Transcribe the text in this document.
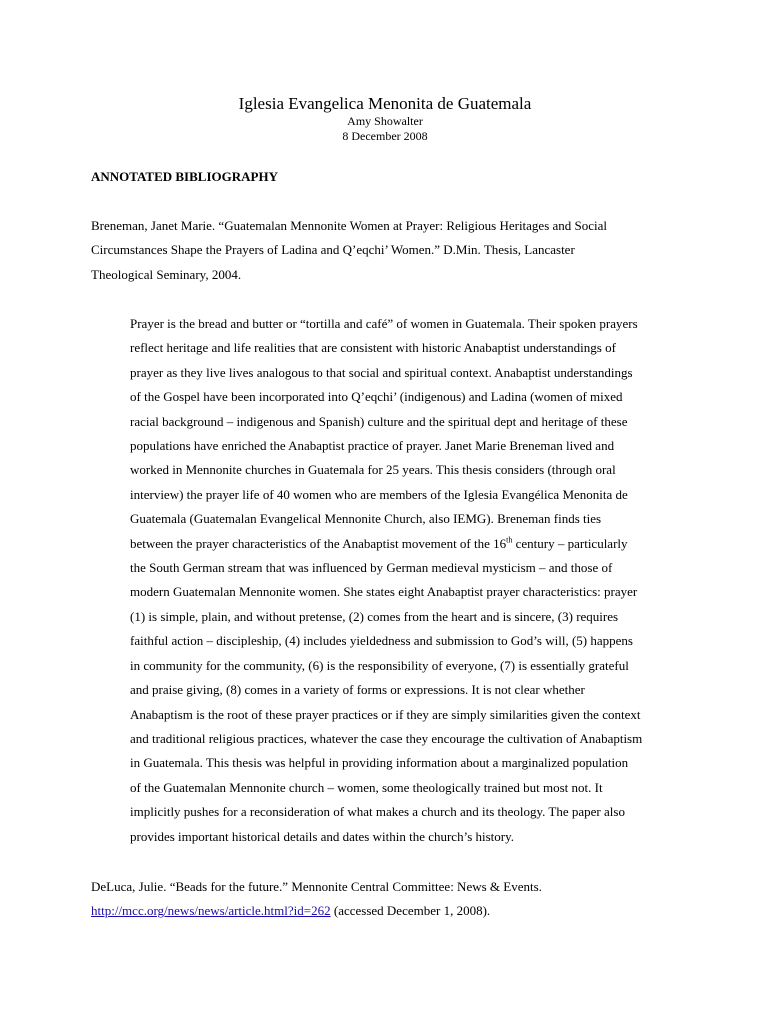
Iglesia Evangelica Menonita de Guatemala
Amy Showalter
8 December 2008
ANNOTATED BIBLIOGRAPHY

Breneman, Janet Marie. “Guatemalan Mennonite Women at Prayer: Religious Heritages and Social
Circumstances Shape the Prayers of Ladina and Q’eqchi’ Women.” D.Min. Thesis, Lancaster
Theological Seminary, 2004.

Prayer is the bread and butter or “tortilla and café” of women in Guatemala. Their spoken prayers
reflect heritage and life realities that are consistent with historic Anabaptist understandings of
prayer as they live lives analogous to that social and spiritual context. Anabaptist understandings
of the Gospel have been incorporated into Q’eqchi’ (indigenous) and Ladina (women of mixed
racial background – indigenous and Spanish) culture and the spiritual dept and heritage of these
populations have enriched the Anabaptist practice of prayer. Janet Marie Breneman lived and
worked in Mennonite churches in Guatemala for 25 years. This thesis considers (through oral
interview) the prayer life of 40 women who are members of the Iglesia Evangélica Menonita de
Guatemala (Guatemalan Evangelical Mennonite Church, also IEMG). Breneman finds ties
between the prayer characteristics of the Anabaptist movement of the 16th century – particularly
the South German stream that was influenced by German medieval mysticism – and those of
modern Guatemalan Mennonite women. She states eight Anabaptist prayer characteristics: prayer
(1) is simple, plain, and without pretense, (2) comes from the heart and is sincere, (3) requires
faithful action – discipleship, (4) includes yieldedness and submission to God’s will, (5) happens
in community for the community, (6) is the responsibility of everyone, (7) is essentially grateful
and praise giving, (8) comes in a variety of forms or expressions. It is not clear whether
Anabaptism is the root of these prayer practices or if they are simply similarities given the context
and traditional religious practices, whatever the case they encourage the cultivation of Anabaptism
in Guatemala. This thesis was helpful in providing information about a marginalized population
of the Guatemalan Mennonite church – women, some theologically trained but most not. It
implicitly pushes for a reconsideration of what makes a church and its theology. The paper also
provides important historical details and dates within the church’s history.

DeLuca, Julie. “Beads for the future.” Mennonite Central Committee: News & Events.
http://mcc.org/news/news/article.html?id=262 (accessed December 1, 2008).
